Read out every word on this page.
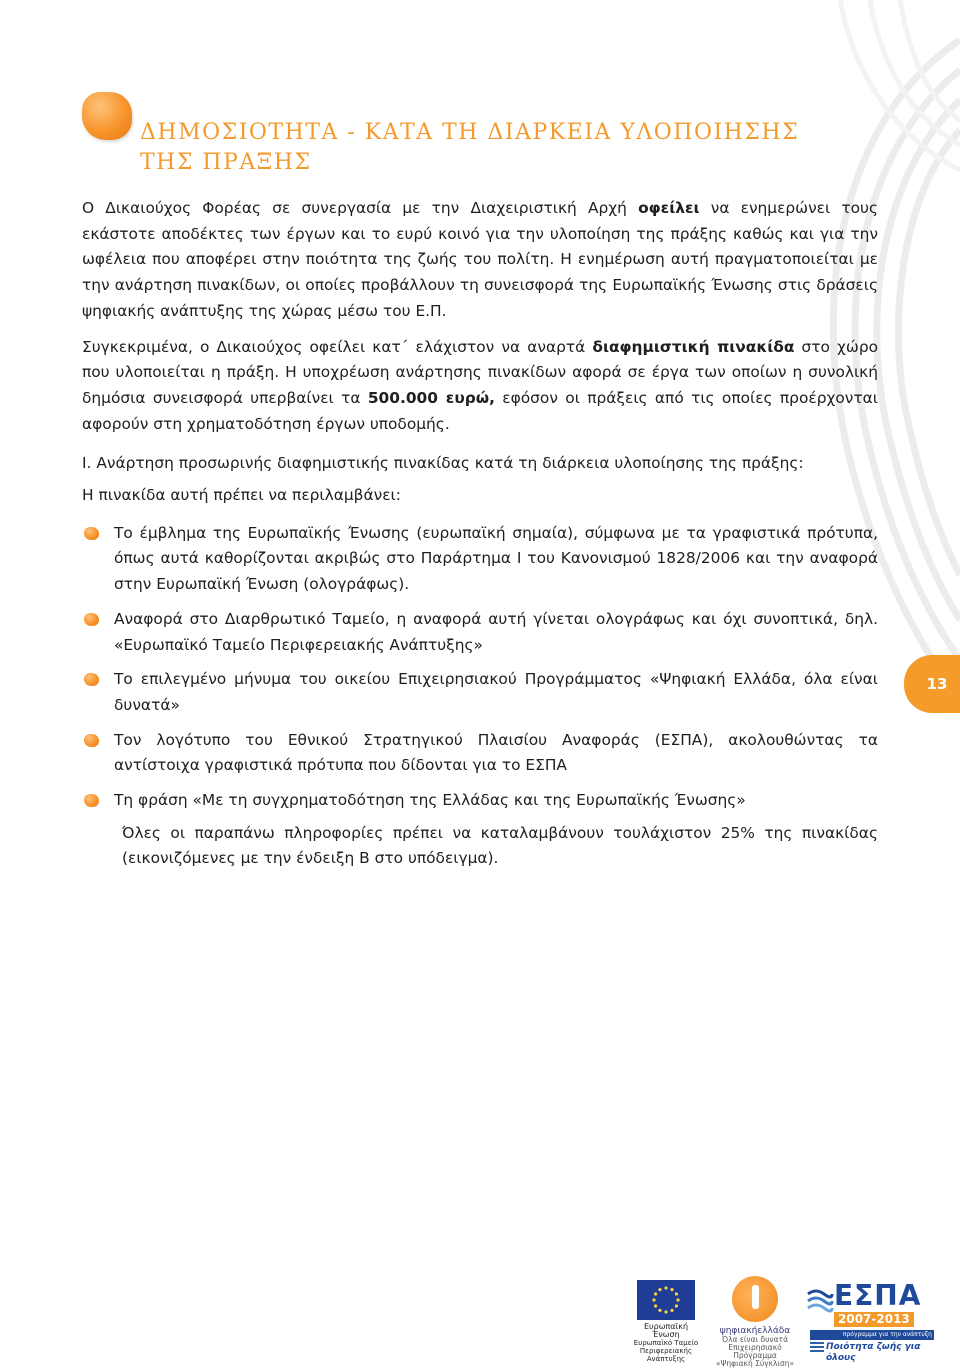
ΔΗΜΟΣΙΟΤΗΤΑ - ΚΑΤΑ ΤΗ ΔΙΑΡΚΕΙΑ ΥΛΟΠΟΙΗΣΗΣ
ΤΗΣ ΠΡΑΞΗΣ

Ο Δικαιούχος Φορέας σε συνεργασία με την Διαχειριστική Αρχή οφείλει να ενημερώνει τους εκάστοτε αποδέκτες των έργων και το ευρύ κοινό για την υλοποίηση της πράξης καθώς και για την ωφέλεια που αποφέρει στην ποιότητα της ζωής του πολίτη. Η ενημέρωση αυτή πραγματοποιείται με την ανάρτηση πινακίδων, οι οποίες προβάλλουν τη συνεισφορά της Ευρωπαϊκής Ένωσης στις δράσεις ψηφιακής ανάπτυξης της χώρας μέσω του Ε.Π.

Συγκεκριμένα, ο Δικαιούχος οφείλει κατ΄ ελάχιστον να αναρτά διαφημιστική πινακίδα στο χώρο που υλοποιείται η πράξη. Η υποχρέωση ανάρτησης πινακίδων αφορά σε έργα των οποίων η συνολική δημόσια συνεισφορά υπερβαίνει τα 500.000 ευρώ, εφόσον οι πράξεις από τις οποίες προέρχονται αφορούν στη χρηματοδότηση έργων υποδομής.

Ι. Ανάρτηση προσωρινής διαφημιστικής πινακίδας κατά τη διάρκεια υλοποίησης της πράξης:

Η πινακίδα αυτή πρέπει να περιλαμβάνει:

Το έμβλημα της Ευρωπαϊκής Ένωσης (ευρωπαϊκή σημαία), σύμφωνα με τα γραφιστικά πρότυπα, όπως αυτά καθορίζονται ακριβώς στο Παράρτημα Ι του Κανονισμού 1828/2006 και την αναφορά στην Ευρωπαϊκή Ένωση (ολογράφως).
Αναφορά στο Διαρθρωτικό Ταμείο, η αναφορά αυτή γίνεται ολογράφως και όχι συνοπτικά, δηλ. «Ευρωπαϊκό Ταμείο Περιφερειακής Ανάπτυξης»
Το επιλεγμένο μήνυμα του οικείου Επιχειρησιακού Προγράμματος «Ψηφιακή Ελλάδα, όλα είναι δυνατά»
Τον λογότυπο του Εθνικού Στρατηγικού Πλαισίου Αναφοράς (ΕΣΠΑ), ακολουθώντας τα αντίστοιχα γραφιστικά πρότυπα που δίδονται για το ΕΣΠΑ
Τη φράση «Με τη συγχρηματοδότηση της Ελλάδας και της Ευρωπαϊκής Ένωσης»

Όλες οι παραπάνω πληροφορίες πρέπει να καταλαμβάνουν τουλάχιστον 25% της πινακίδας (εικονιζόμενες με την ένδειξη Β στο υπόδειγμα).

13
Ευρωπαϊκή Ένωση
Ευρωπαϊκό Ταμείο
Περιφερειακής Ανάπτυξης
ψηφιακήελλάδα
Όλα είναι δυνατά
Επιχειρησιακό Πρόγραμμα
«Ψηφιακή Σύγκλιση»
ΕΣΠΑ
2007-2013
πρόγραμμα για την ανάπτυξη
Ποιότητα ζωής για όλους
